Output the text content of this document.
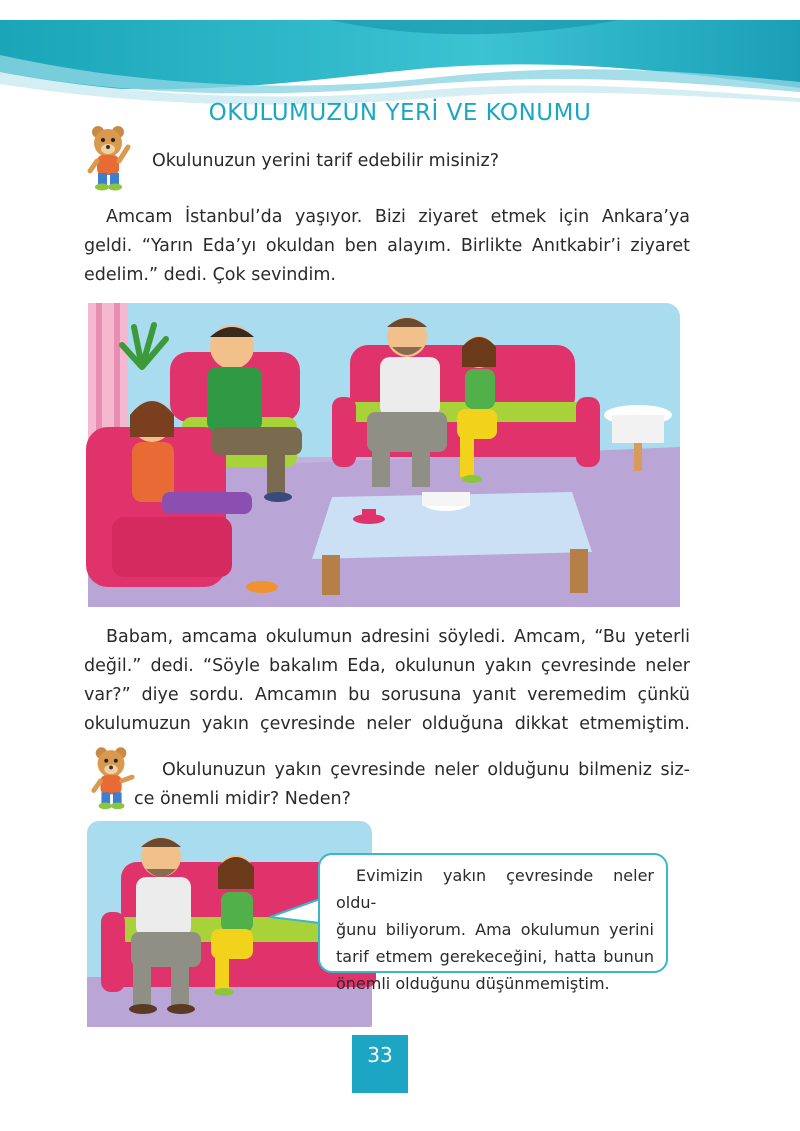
OKULUMUZUN YERİ VE KONUMU
Okulunuzun yerini tarif edebilir misiniz?
Amcam İstanbul’da yaşıyor. Bizi ziyaret etmek için Ankara’ya
geldi. “Yarın Eda’yı okuldan ben alayım. Birlikte Anıtkabir’i ziyaret
edelim.” dedi. Çok sevindim.
Babam, amcama okulumun adresini söyledi. Amcam, “Bu yeterli
değil.” dedi. “Söyle bakalım Eda, okulunun yakın çevresinde neler
var?” diye sordu. Amcamın bu sorusuna yanıt veremedim çünkü
okulumuzun yakın çevresinde neler olduğuna dikkat etmemiştim.
Okulunuzun yakın çevresinde neler olduğunu bilmeniz siz-
ce önemli midir? Neden?
Evimizin yakın çevresinde neler oldu-
ğunu biliyorum. Ama okulumun yerini
tarif etmem gerekeceğini, hatta bunun
önemli olduğunu düşünmemiştim.
33
